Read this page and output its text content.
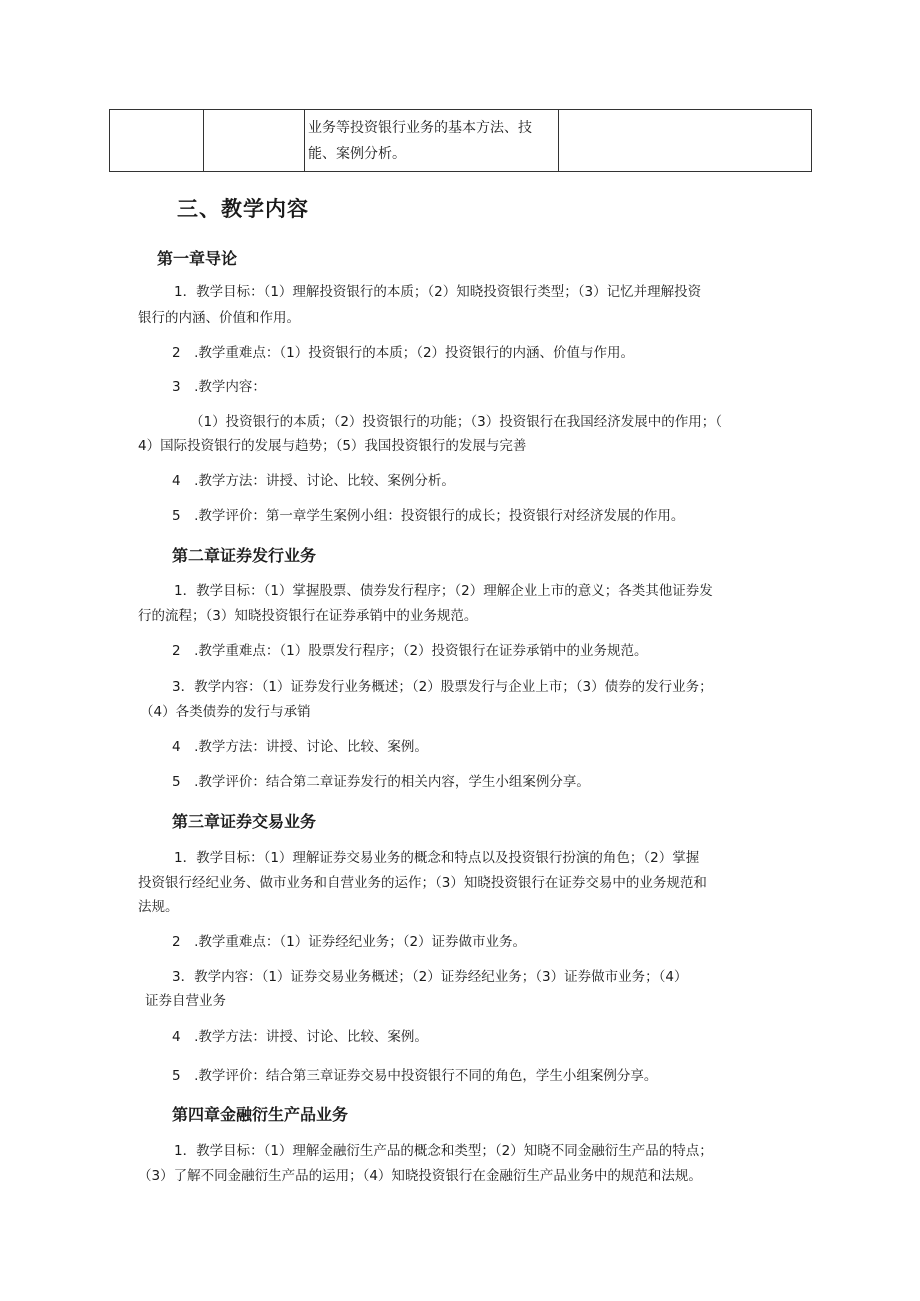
业务等投资银行业务的基本方法、技能、案例分析。

三、教学内容
第一章导论
1．教学目标：（1）理解投资银行的本质；（2）知晓投资银行类型；（3）记忆并理解投资
银行的内涵、价值和作用。
2　.教学重难点：（1）投资银行的本质；（2）投资银行的内涵、价值与作用。
3　.教学内容：
（1）投资银行的本质；（2）投资银行的功能；（3）投资银行在我国经济发展中的作用；（
4）国际投资银行的发展与趋势；（5）我国投资银行的发展与完善
4　.教学方法：讲授、讨论、比较、案例分析。
5　.教学评价：第一章学生案例小组：投资银行的成长；投资银行对经济发展的作用。
第二章证券发行业务
1．教学目标：（1）掌握股票、债券发行程序；（2）理解企业上市的意义；各类其他证券发
行的流程；（3）知晓投资银行在证券承销中的业务规范。
2　.教学重难点：（1）股票发行程序；（2）投资银行在证券承销中的业务规范。
3．教学内容：（1）证券发行业务概述；（2）股票发行与企业上市；（3）债券的发行业务；
（4）各类债券的发行与承销
4　.教学方法：讲授、讨论、比较、案例。
5　.教学评价：结合第二章证券发行的相关内容，学生小组案例分享。
第三章证券交易业务
1．教学目标：（1）理解证券交易业务的概念和特点以及投资银行扮演的角色；（2）掌握
投资银行经纪业务、做市业务和自营业务的运作；（3）知晓投资银行在证券交易中的业务规范和
法规。
2　.教学重难点：（1）证券经纪业务；（2）证券做市业务。
3．教学内容：（1）证券交易业务概述；（2）证券经纪业务；（3）证券做市业务；（4）
证券自营业务
4　.教学方法：讲授、讨论、比较、案例。
5　.教学评价：结合第三章证券交易中投资银行不同的角色，学生小组案例分享。
第四章金融衍生产品业务
1．教学目标：（1）理解金融衍生产品的概念和类型；（2）知晓不同金融衍生产品的特点；
（3）了解不同金融衍生产品的运用；（4）知晓投资银行在金融衍生产品业务中的规范和法规。
